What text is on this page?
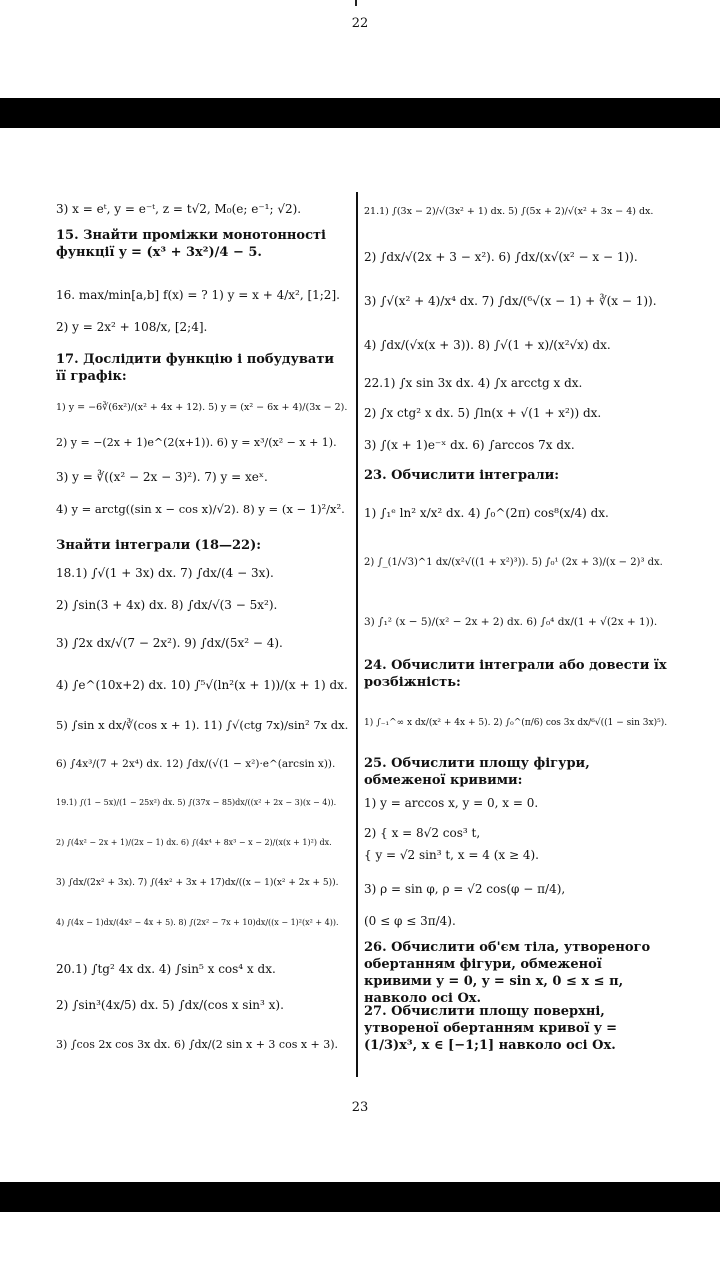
22
3) x = eᵗ, y = e⁻ᵗ, z = t√2, M₀(e; e⁻¹; √2).
15. Знайти проміжки монотонності функції y = (x³ + 3x²)/4 − 5.
16. max/min[a,b] f(x) = ? 1) y = x + 4/x², [1;2].
2) y = 2x² + 108/x, [2;4].
17. Дослідити функцію і побудувати її графік:
1) y = −6∛(6x²)/(x² + 4x + 12). 5) y = (x² − 6x + 4)/(3x − 2).
2) y = −(2x + 1)e^(2(x+1)). 6) y = x³/(x² − x + 1).
3) y = ∛((x² − 2x − 3)²). 7) y = xeˣ.
4) y = arctg((sin x − cos x)/√2). 8) y = (x − 1)²/x².
Знайти інтеграли (18—22):
18.1) ∫√(1 + 3x) dx. 7) ∫dx/(4 − 3x).
2) ∫sin(3 + 4x) dx. 8) ∫dx/√(3 − 5x²).
3) ∫2x dx/√(7 − 2x²). 9) ∫dx/(5x² − 4).
4) ∫e^(10x+2) dx. 10) ∫⁵√(ln²(x + 1))/(x + 1) dx.
5) ∫sin x dx/∛(cos x + 1). 11) ∫√(ctg 7x)/sin² 7x dx.
6) ∫4x³/(7 + 2x⁴) dx. 12) ∫dx/(√(1 − x²)·e^(arcsin x)).
19.1) ∫(1 − 5x)/(1 − 25x²) dx. 5) ∫(37x − 85)dx/((x² + 2x − 3)(x − 4)).
2) ∫(4x² − 2x + 1)/(2x − 1) dx. 6) ∫(4x⁴ + 8x³ − x − 2)/(x(x + 1)²) dx.
3) ∫dx/(2x² + 3x). 7) ∫(4x² + 3x + 17)dx/((x − 1)(x² + 2x + 5)).
4) ∫(4x − 1)dx/(4x² − 4x + 5). 8) ∫(2x² − 7x + 10)dx/((x − 1)²(x² + 4)).
20.1) ∫tg² 4x dx. 4) ∫sin⁵ x cos⁴ x dx.
2) ∫sin³(4x/5) dx. 5) ∫dx/(cos x sin³ x).
3) ∫cos 2x cos 3x dx. 6) ∫dx/(2 sin x + 3 cos x + 3).
21.1) ∫(3x − 2)/√(3x² + 1) dx. 5) ∫(5x + 2)/√(x² + 3x − 4) dx.
2) ∫dx/√(2x + 3 − x²). 6) ∫dx/(x√(x² − x − 1)).
3) ∫√(x² + 4)/x⁴ dx. 7) ∫dx/(⁶√(x − 1) + ∛(x − 1)).
4) ∫dx/(√x(x + 3)). 8) ∫√(1 + x)/(x²√x) dx.
22.1) ∫x sin 3x dx. 4) ∫x arcctg x dx.
2) ∫x ctg² x dx. 5) ∫ln(x + √(1 + x²)) dx.
3) ∫(x + 1)e⁻ˣ dx. 6) ∫arccos 7x dx.
23. Обчислити інтеграли:
1) ∫₁ᵉ ln² x/x² dx. 4) ∫₀^(2π) cos⁸(x/4) dx.
2) ∫_(1/√3)^1 dx/(x²√((1 + x²)³)). 5) ∫₀¹ (2x + 3)/(x − 2)³ dx.
3) ∫₁² (x − 5)/(x² − 2x + 2) dx. 6) ∫₀⁴ dx/(1 + √(2x + 1)).
24. Обчислити інтеграли або довести їх розбіжність:
1) ∫₋₁^∞ x dx/(x² + 4x + 5). 2) ∫₀^(π/6) cos 3x dx/⁶√((1 − sin 3x)⁵).
25. Обчислити площу фігури, обмеженої кривими:
1) y = arccos x, y = 0, x = 0.
2) { x = 8√2 cos³ t,
{ y = √2 sin³ t, x = 4 (x ≥ 4).
3) ρ = sin φ, ρ = √2 cos(φ − π/4),
(0 ≤ φ ≤ 3π/4).
26. Обчислити об'єм тіла, утвореного обертанням фігури, обмеженої кривими y = 0, y = sin x, 0 ≤ x ≤ π, навколо осі Ox.
27. Обчислити площу поверхні, утвореної обертанням кривої y = (1/3)x³, x ∈ [−1;1] навколо осі Ox.
23
